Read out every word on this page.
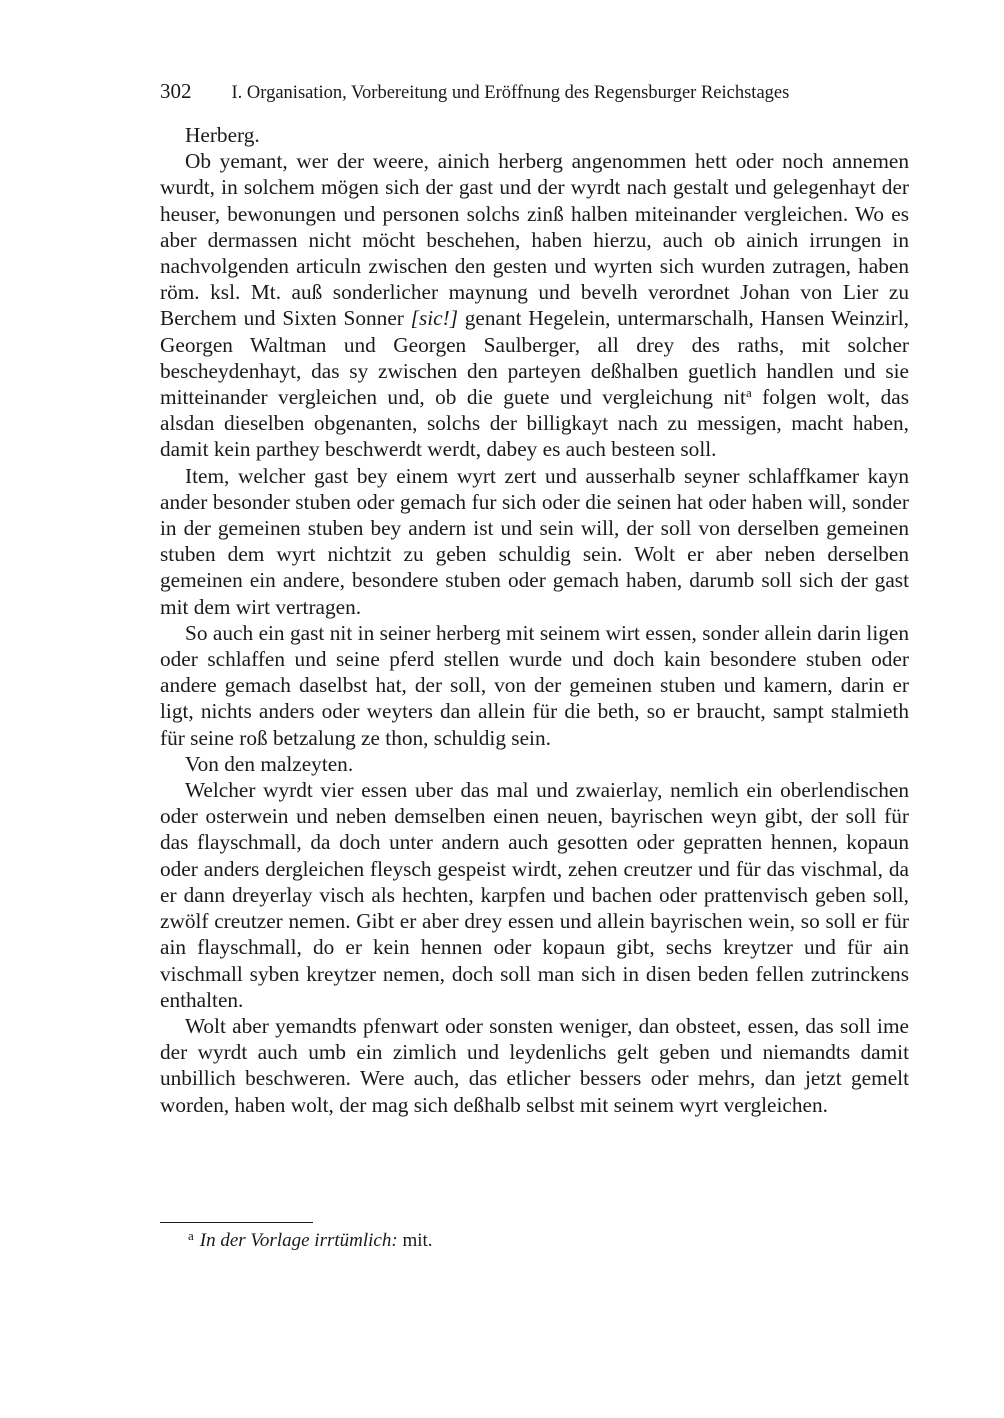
302 I. Organisation, Vorbereitung und Eröffnung des Regensburger Reichstages

Herberg.

Ob yemant, wer der weere, ainich herberg angenommen hett oder noch annemen wurdt, in solchem mögen sich der gast und der wyrdt nach gestalt und gelegenhayt der heuser, bewonungen und personen solchs zinß halben miteinander vergleichen. Wo es aber dermassen nicht möcht beschehen, haben hierzu, auch ob ainich irrungen in nachvolgenden articuln zwischen den gesten und wyrten sich wurden zutragen, haben röm. ksl. Mt. auß sonderlicher maynung und bevelh verordnet Johan von Lier zu Berchem und Sixten Sonner [sic!] genant Hegelein, untermarschalh, Hansen Weinzirl, Georgen Waltman und Georgen Saulberger, all drey des raths, mit solcher bescheydenhayt, das sy zwischen den parteyen deßhalben guetlich handlen und sie mitteinander vergleichen und, ob die guete und vergleichung nit$^a$ folgen wolt, das alsdan dieselben obgenanten, solchs der billigkayt nach zu messigen, macht haben, damit kein parthey beschwerdt werdt, dabey es auch besteen soll.

Item, welcher gast bey einem wyrt zert und ausserhalb seyner schlaffkamer kayn ander besonder stuben oder gemach fur sich oder die seinen hat oder haben will, sonder in der gemeinen stuben bey andern ist und sein will, der soll von derselben gemeinen stuben dem wyrt nichtzit zu geben schuldig sein. Wolt er aber neben derselben gemeinen ein andere, besondere stuben oder gemach haben, darumb soll sich der gast mit dem wirt vertragen.

So auch ein gast nit in seiner herberg mit seinem wirt essen, sonder allein darin ligen oder schlaffen und seine pferd stellen wurde und doch kain besondere stuben oder andere gemach daselbst hat, der soll, von der gemeinen stuben und kamern, darin er ligt, nichts anders oder weyters dan allein für die beth, so er braucht, sampt stalmieth für seine roß betzalung ze thon, schuldig sein.

Von den malzeyten.

Welcher wyrdt vier essen uber das mal und zwaierlay, nemlich ein oberlendischen oder osterwein und neben demselben einen neuen, bayrischen weyn gibt, der soll für das flayschmall, da doch unter andern auch gesotten oder gepratten hennen, kopaun oder anders dergleichen fleysch gespeist wirdt, zehen creutzer und für das vischmal, da er dann dreyerlay visch als hechten, karpfen und bachen oder prattenvisch geben soll, zwölf creutzer nemen. Gibt er aber drey essen und allein bayrischen wein, so soll er für ain flayschmall, do er kein hennen oder kopaun gibt, sechs kreytzer und für ain vischmall syben kreytzer nemen, doch soll man sich in disen beden fellen zutrinckens enthalten.

Wolt aber yemandts pfenwart oder sonsten weniger, dan obsteet, essen, das soll ime der wyrdt auch umb ein zimlich und leydenlichs gelt geben und niemandts damit unbillich beschweren. Were auch, das etlicher bessers oder mehrs, dan jetzt gemelt worden, haben wolt, der mag sich deßhalb selbst mit seinem wyrt vergleichen.

$^a$ In der Vorlage irrtümlich: mit.
